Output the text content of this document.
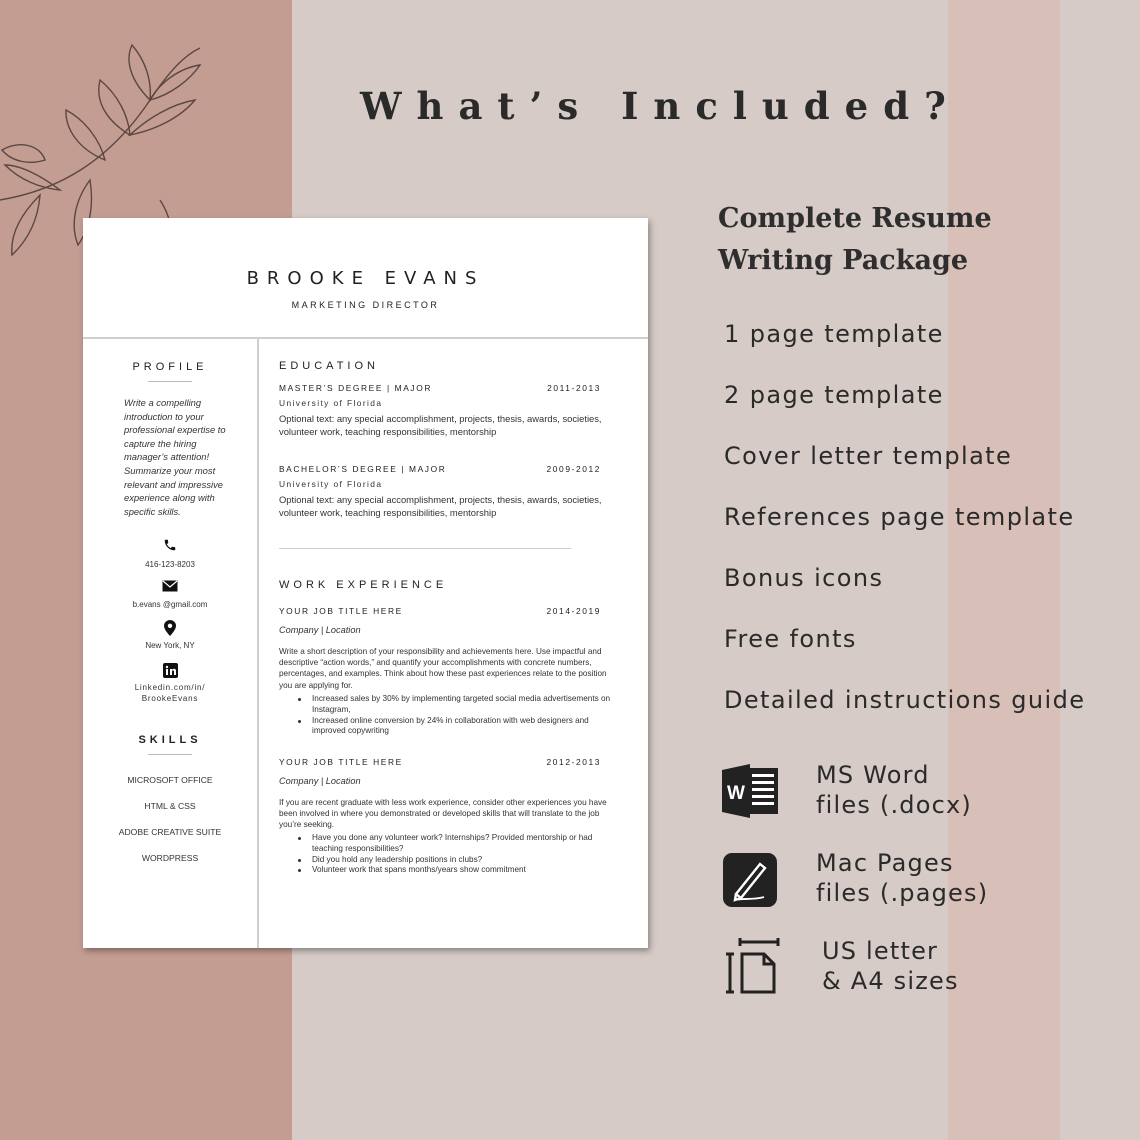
What’s Included?
Complete Resume
Writing Package
1 page template
2 page template
Cover letter template
References page template
Bonus icons
Free fonts
Detailed instructions guide
W
MS Word
files (.docx)
Mac Pages
files (.pages)
US letter
& A4 sizes
BROOKE EVANS
MARKETING DIRECTOR
PROFILE
Write a compelling introduction to your professional expertise to capture the hiring manager’s attention! Summarize your most relevant and impressive experience along with specific skills.
416-123-8203
b.evans @gmail.com
New York, NY
Linkedin.com/in/
BrookeEvans
SKILLS
MICROSOFT OFFICE
HTML & CSS
ADOBE CREATIVE SUITE
WORDPRESS
EDUCATION
MASTER’S DEGREE | MAJOR	2011-2013
University of Florida
Optional text: any special accomplishment, projects, thesis, awards, societies, volunteer work, teaching responsibilities, mentorship
BACHELOR’S DEGREE | MAJOR	2009-2012
University of Florida
Optional text: any special accomplishment, projects, thesis, awards, societies, volunteer work, teaching responsibilities, mentorship
WORK EXPERIENCE
YOUR JOB TITLE HERE	2014-2019
Company | Location
Write a short description of your responsibility and achievements here. Use impactful and descriptive “action words,” and quantify your accomplishments with concrete numbers, percentages, and examples. Think about how these past experiences relate to the position you are applying for.
Increased sales by 30% by implementing targeted social media advertisements on Instagram,
Increased online conversion by 24% in collaboration with web designers and improved copywriting
YOUR JOB TITLE HERE	2012-2013
Company | Location
If you are recent graduate with less work experience, consider other experiences you have been involved in where you demonstrated or developed skills that will translate to the job you’re seeking.
Have you done any volunteer work? Internships? Provided mentorship or had teaching responsibilities?
Did you hold any leadership positions in clubs?
Volunteer work that spans months/years show commitment
